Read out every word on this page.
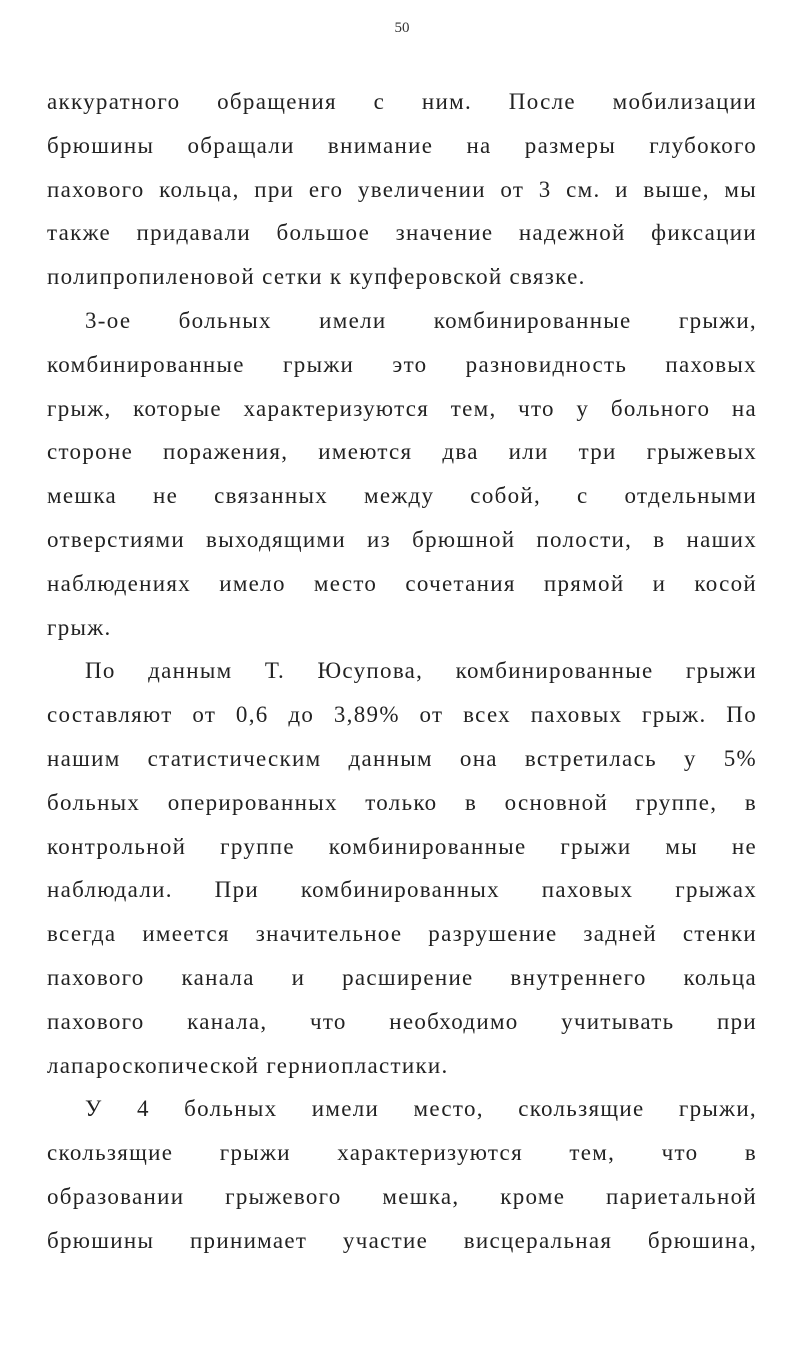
50
аккуратного обращения с ним. После мобилизации
брюшины обращали внимание на размеры глубокого
пахового кольца, при его увеличении от 3 см. и выше, мы
также придавали большое значение надежной фиксации
полипропиленовой сетки к купферовской связке.
3-ое больных имели комбинированные грыжи,
комбинированные грыжи это разновидность паховых
грыж, которые характеризуются тем, что у больного на
стороне поражения, имеются два или три грыжевых
мешка не связанных между собой, с отдельными
отверстиями выходящими из брюшной полости, в наших
наблюдениях имело место сочетания прямой и косой
грыж.
По данным Т. Юсупова, комбинированные грыжи
составляют от 0,6 до 3,89% от всех паховых грыж. По
нашим статистическим данным она встретилась у 5%
больных оперированных только в основной группе, в
контрольной группе комбинированные грыжи мы не
наблюдали. При комбинированных паховых грыжах
всегда имеется значительное разрушение задней стенки
пахового канала и расширение внутреннего кольца
пахового канала, что необходимо учитывать при
лапароскопической герниопластики.
У 4 больных имели место, скользящие грыжи,
скользящие грыжи характеризуются тем, что в
образовании грыжевого мешка, кроме париетальной
брюшины принимает участие висцеральная брюшина,
